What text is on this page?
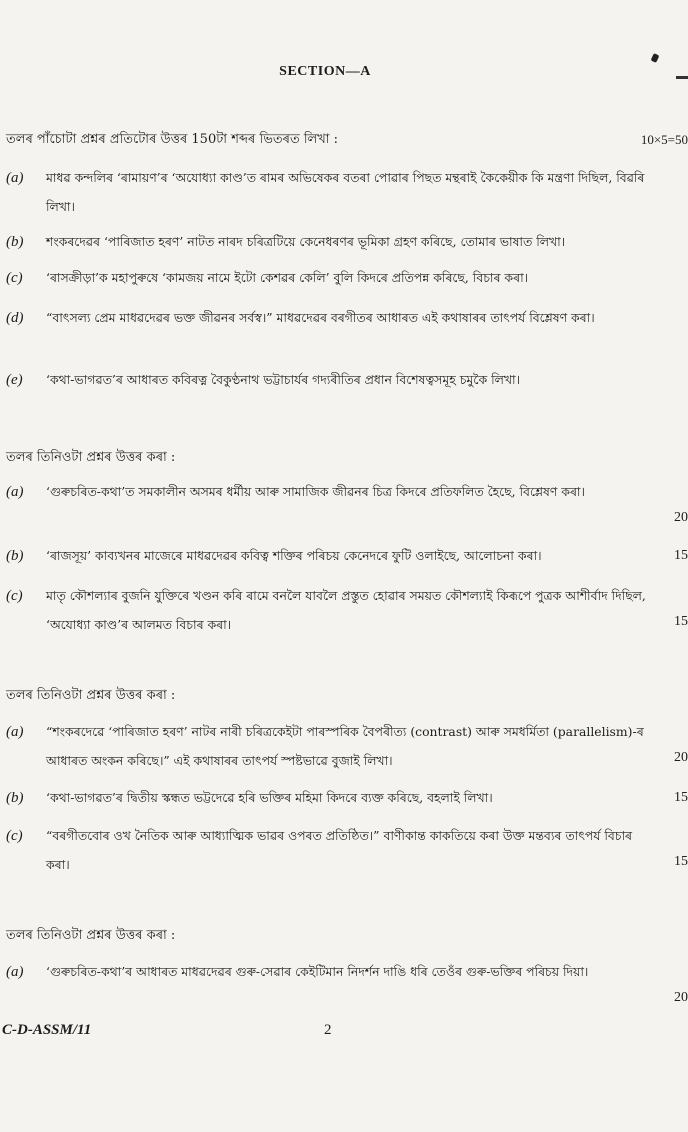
SECTION—A
তলৰ পাঁচোটা প্ৰশ্নৰ প্ৰতিটোৰ উত্তৰ 150টা শব্দৰ ভিতৰত লিখা :	10×5=50
(a) মাধৱ কন্দলিৰ ‘ৰামায়ণ’ৰ ‘অযোধ্যা কাণ্ড’ত ৰামৰ অভিষেকৰ বতৰা পোৱাৰ পিছত মন্থৰাই কৈকেয়ীক কি মন্ত্ৰণা দিছিল, বিৱৰি লিখা।
(b) শংকৰদেৱৰ ‘পাৰিজাত হৰণ’ নাটত নাৰদ চৰিত্ৰটিয়ে কেনেধৰণৰ ভূমিকা গ্ৰহণ কৰিছে, তোমাৰ ভাষাত লিখা।
(c) ‘ৰাসক্ৰীড়া’ক মহাপুৰুষে ‘কামজয় নামে ইটো কেশৱৰ কেলি’ বুলি কিদৰে প্ৰতিপন্ন কৰিছে, বিচাৰ কৰা।
(d) “বাৎসল্য প্ৰেম মাধৱদেৱৰ ভক্ত জীৱনৰ সৰ্বস্ব।” মাধৱদেৱৰ বৰগীতৰ আধাৰত এই কথাষাৰৰ তাৎপৰ্য বিশ্লেষণ কৰা।
(e) ‘কথা-ভাগৱত’ৰ আধাৰত কবিৰত্ন বৈকুণ্ঠনাথ ভট্টাচাৰ্যৰ গদ্যৰীতিৰ প্ৰধান বিশেষত্বসমূহ চমুকৈ লিখা।
তলৰ তিনিওটা প্ৰশ্নৰ উত্তৰ কৰা :
(a) ‘গুৰুচৰিত-কথা’ত সমকালীন অসমৰ ধৰ্মীয় আৰু সামাজিক জীৱনৰ চিত্ৰ কিদৰে প্ৰতিফলিত হৈছে, বিশ্লেষণ কৰা।
20
(b) ‘ৰাজসূয়’ কাব্যখনৰ মাজেৰে মাধৱদেৱৰ কবিত্ব শক্তিৰ পৰিচয় কেনেদৰে ফুটি ওলাইছে, আলোচনা কৰা।	15
(c) মাতৃ কৌশল্যাৰ বুজনি যুক্তিৰে খণ্ডন কৰি ৰামে বনলৈ যাবলৈ প্ৰস্তুত হোৱাৰ সময়ত কৌশল্যাই কিৰূপে পুত্ৰক আশীৰ্বাদ দিছিল, ‘অযোধ্যা কাণ্ড’ৰ আলমত বিচাৰ কৰা।	15
তলৰ তিনিওটা প্ৰশ্নৰ উত্তৰ কৰা :
(a) “শংকৰদেৱে ‘পাৰিজাত হৰণ’ নাটৰ নাৰী চৰিত্ৰকেইটা পাৰস্পৰিক বৈপৰীত্য (contrast) আৰু সমধৰ্মিতা (parallelism)-ৰ আধাৰত অংকন কৰিছে।” এই কথাষাৰৰ তাৎপৰ্য স্পষ্টভাৱে বুজাই লিখা।	20
(b) ‘কথা-ভাগৱত’ৰ দ্বিতীয় স্কন্ধত ভট্টদেৱে হৰি ভক্তিৰ মহিমা কিদৰে ব্যক্ত কৰিছে, বহলাই লিখা।	15
(c) “বৰগীতবোৰ ওখ নৈতিক আৰু আধ্যাত্মিক ভাৱৰ ওপৰত প্ৰতিষ্ঠিত।” বাণীকান্ত কাকতিয়ে কৰা উক্ত মন্তব্যৰ তাৎপৰ্য বিচাৰ কৰা।	15
তলৰ তিনিওটা প্ৰশ্নৰ উত্তৰ কৰা :
(a) ‘গুৰুচৰিত-কথা’ৰ আধাৰত মাধৱদেৱৰ গুৰু-সেৱাৰ কেইটিমান নিদৰ্শন দাঙি ধৰি তেওঁৰ গুৰু-ভক্তিৰ পৰিচয় দিয়া।
20
C-D-ASSM/11	2
